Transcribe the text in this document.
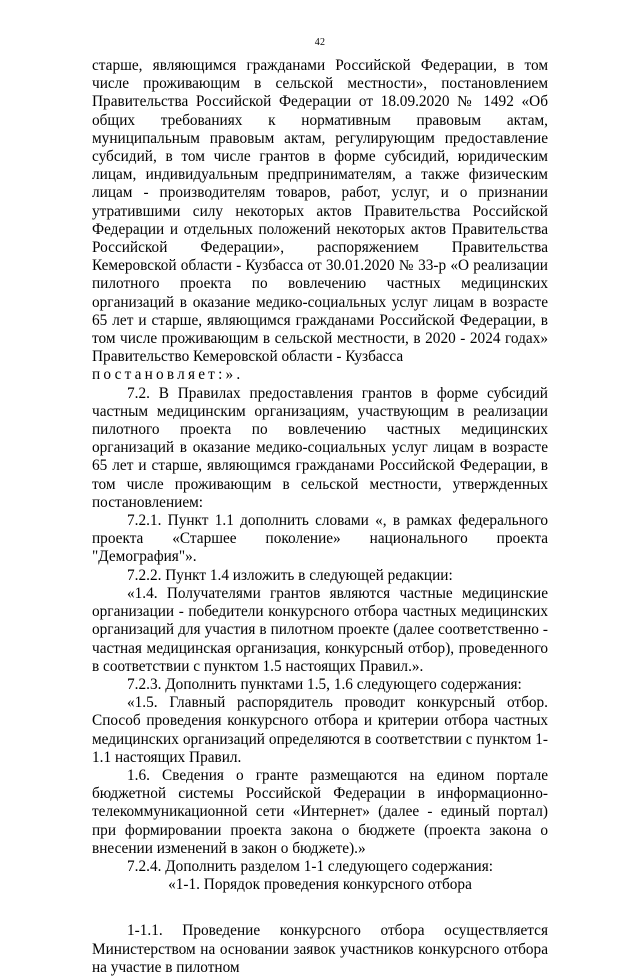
42

старше, являющимся гражданами Российской Федерации, в том числе проживающим в сельской местности», постановлением Правительства Российской Федерации от 18.09.2020 № 1492 «Об общих требованиях к нормативным правовым актам, муниципальным правовым актам, регулирующим предоставление субсидий, в том числе грантов в форме субсидий, юридическим лицам, индивидуальным предпринимателям, а также физическим лицам - производителям товаров, работ, услуг, и о признании утратившими силу некоторых актов Правительства Российской Федерации и отдельных положений некоторых актов Правительства Российской Федерации», распоряжением Правительства Кемеровской области - Кузбасса от 30.01.2020 № 33-р «О реализации пилотного проекта по вовлечению частных медицинских организаций в оказание медико-социальных услуг лицам в возрасте 65 лет и старше, являющимся гражданами Российской Федерации, в том числе проживающим в сельской местности, в 2020 - 2024 годах» Правительство Кемеровской области - Кузбасса

постановляет:».

7.2. В Правилах предоставления грантов в форме субсидий частным медицинским организациям, участвующим в реализации пилотного проекта по вовлечению частных медицинских организаций в оказание медико-социальных услуг лицам в возрасте 65 лет и старше, являющимся гражданами Российской Федерации, в том числе проживающим в сельской местности, утвержденных постановлением:

7.2.1. Пункт 1.1 дополнить словами «, в рамках федерального проекта «Старшее поколение» национального проекта "Демография"».

7.2.2. Пункт 1.4 изложить в следующей редакции:

«1.4. Получателями грантов являются частные медицинские организации - победители конкурсного отбора частных медицинских организаций для участия в пилотном проекте (далее соответственно - частная медицинская организация, конкурсный отбор), проведенного в соответствии с пунктом 1.5 настоящих Правил.».

7.2.3. Дополнить пунктами 1.5, 1.6 следующего содержания:

«1.5. Главный распорядитель проводит конкурсный отбор. Способ проведения конкурсного отбора и критерии отбора частных медицинских организаций определяются в соответствии с пунктом 1-1.1 настоящих Правил.

1.6. Сведения о гранте размещаются на едином портале бюджетной системы Российской Федерации в информационно-телекоммуникационной сети «Интернет» (далее - единый портал) при формировании проекта закона о бюджете (проекта закона о внесении изменений в закон о бюджете).»

7.2.4. Дополнить разделом 1-1 следующего содержания:

«1-1. Порядок проведения конкурсного отбора

1-1.1. Проведение конкурсного отбора осуществляется Министерством на основании заявок участников конкурсного отбора на участие в пилотном
